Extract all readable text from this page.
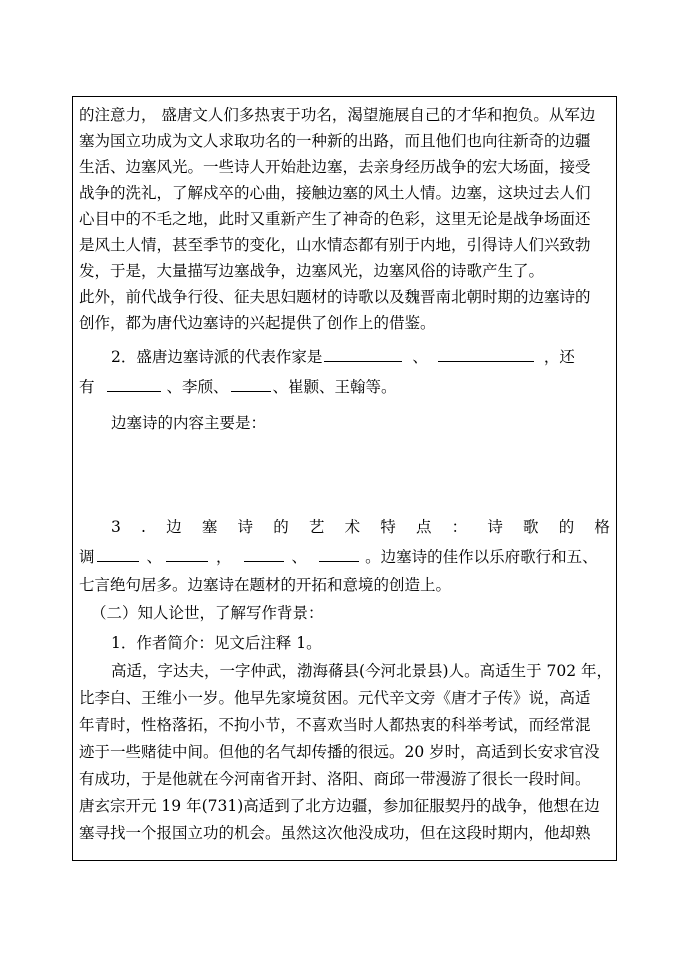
的注意力， 盛唐文人们多热衷于功名，渴望施展自己的才华和抱负。从军边
塞为国立功成为文人求取功名的一种新的出路，而且他们也向往新奇的边疆
生活、边塞风光。一些诗人开始赴边塞，去亲身经历战争的宏大场面，接受
战争的洗礼，了解戍卒的心曲，接触边塞的风土人情。边塞，这块过去人们
心目中的不毛之地，此时又重新产生了神奇的色彩，这里无论是战争场面还
是风土人情，甚至季节的变化，山水情态都有别于内地，引得诗人们兴致勃
发，于是，大量描写边塞战争，边塞风光，边塞风俗的诗歌产生了。
此外，前代战争行役、征夫思妇题材的诗歌以及魏晋南北朝时期的边塞诗的
创作，都为唐代边塞诗的兴起提供了创作上的借鉴。
2．盛唐边塞诗派的代表作家是	、	，还
有	、李颀、	、崔颢、王翰等。
边塞诗的内容主要是：
3 . 边 塞 诗 的 艺 术 特 点 ： 诗 歌 的 格
调	、	，	、	。边塞诗的佳作以乐府歌行和五、
七言绝句居多。边塞诗在题材的开拓和意境的创造上。
（二）知人论世，了解写作背景：
1．作者简介：见文后注释 1。
高适，字达夫，一字仲武，渤海蓨县(今河北景县)人。高适生于 702 年，
比李白、王维小一岁。他早先家境贫困。元代辛文旁《唐才子传》说，高适
年青时，性格落拓，不拘小节，不喜欢当时人都热衷的科举考试，而经常混
迹于一些赌徒中间。但他的名气却传播的很远。20 岁时，高适到长安求官没
有成功，于是他就在今河南省开封、洛阳、商邱一带漫游了很长一段时间。
唐玄宗开元 19 年(731)高适到了北方边疆，参加征服契丹的战争，他想在边
塞寻找一个报国立功的机会。虽然这次他没成功，但在这段时期内，他却熟
